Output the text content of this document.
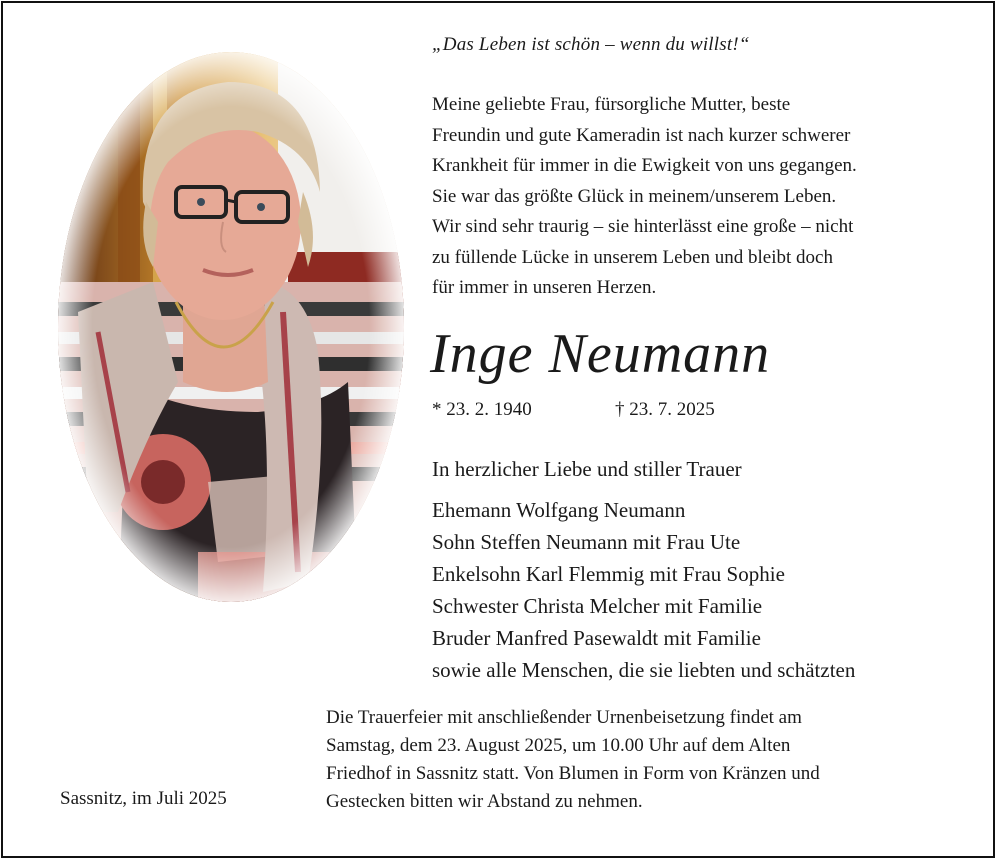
„Das Leben ist schön – wenn du willst!“
Meine geliebte Frau, fürsorgliche Mutter, beste
Freundin und gute Kameradin ist nach kurzer schwerer
Krankheit für immer in die Ewigkeit von uns gegangen.
Sie war das größte Glück in meinem/unserem Leben.
Wir sind sehr traurig – sie hinterlässt eine große – nicht
zu füllende Lücke in unserem Leben und bleibt doch
für immer in unseren Herzen.
Inge Neumann
* 23. 2. 1940	† 23. 7. 2025
In herzlicher Liebe und stiller Trauer
Ehemann Wolfgang Neumann
Sohn Steffen Neumann mit Frau Ute
Enkelsohn Karl Flemmig mit Frau Sophie
Schwester Christa Melcher mit Familie
Bruder Manfred Pasewaldt mit Familie
sowie alle Menschen, die sie liebten und schätzten
Sassnitz, im Juli 2025
Die Trauerfeier mit anschließender Urnenbeisetzung findet am
Samstag, dem 23. August 2025, um 10.00 Uhr auf dem Alten
Friedhof in Sassnitz statt. Von Blumen in Form von Kränzen und
Gestecken bitten wir Abstand zu nehmen.
